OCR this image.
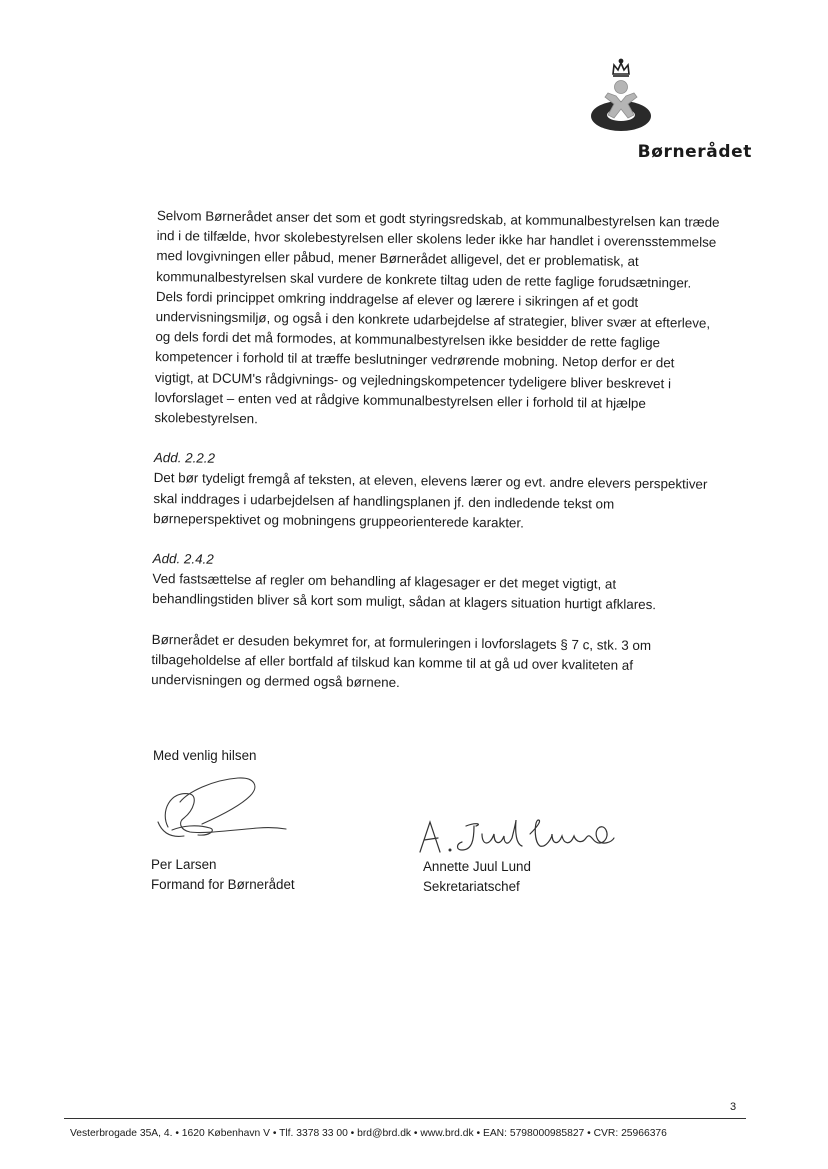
Børnerådet

Selvom Børnerådet anser det som et godt styringsredskab, at kommunalbestyrelsen kan træde
ind i de tilfælde, hvor skolebestyrelsen eller skolens leder ikke har handlet i overensstemmelse
med lovgivningen eller påbud, mener Børnerådet alligevel, det er problematisk, at
kommunalbestyrelsen skal vurdere de konkrete tiltag uden de rette faglige forudsætninger.
Dels fordi princippet omkring inddragelse af elever og lærere i sikringen af et godt
undervisningsmiljø, og også i den konkrete udarbejdelse af strategier, bliver svær at efterleve,
og dels fordi det må formodes, at kommunalbestyrelsen ikke besidder de rette faglige
kompetencer i forhold til at træffe beslutninger vedrørende mobning. Netop derfor er det
vigtigt, at DCUM's rådgivnings- og vejledningskompetencer tydeligere bliver beskrevet i
lovforslaget – enten ved at rådgive kommunalbestyrelsen eller i forhold til at hjælpe
skolebestyrelsen.

Add. 2.2.2

Det bør tydeligt fremgå af teksten, at eleven, elevens lærer og evt. andre elevers perspektiver
skal inddrages i udarbejdelsen af handlingsplanen jf. den indledende tekst om
børneperspektivet og mobningens gruppeorienterede karakter.

Add. 2.4.2

Ved fastsættelse af regler om behandling af klagesager er det meget vigtigt, at
behandlingstiden bliver så kort som muligt, sådan at klagers situation hurtigt afklares.

Børnerådet er desuden bekymret for, at formuleringen i lovforslagets § 7 c, stk. 3 om
tilbageholdelse af eller bortfald af tilskud kan komme til at gå ud over kvaliteten af
undervisningen og dermed også børnene.

Med venlig hilsen
Per Larsen
Formand for Børnerådet
Annette Juul Lund
Sekretariatschef
3
Vesterbrogade 35A, 4. • 1620 København V • Tlf. 3378 33 00 • brd@brd.dk • www.brd.dk • EAN: 5798000985827 • CVR: 25966376
